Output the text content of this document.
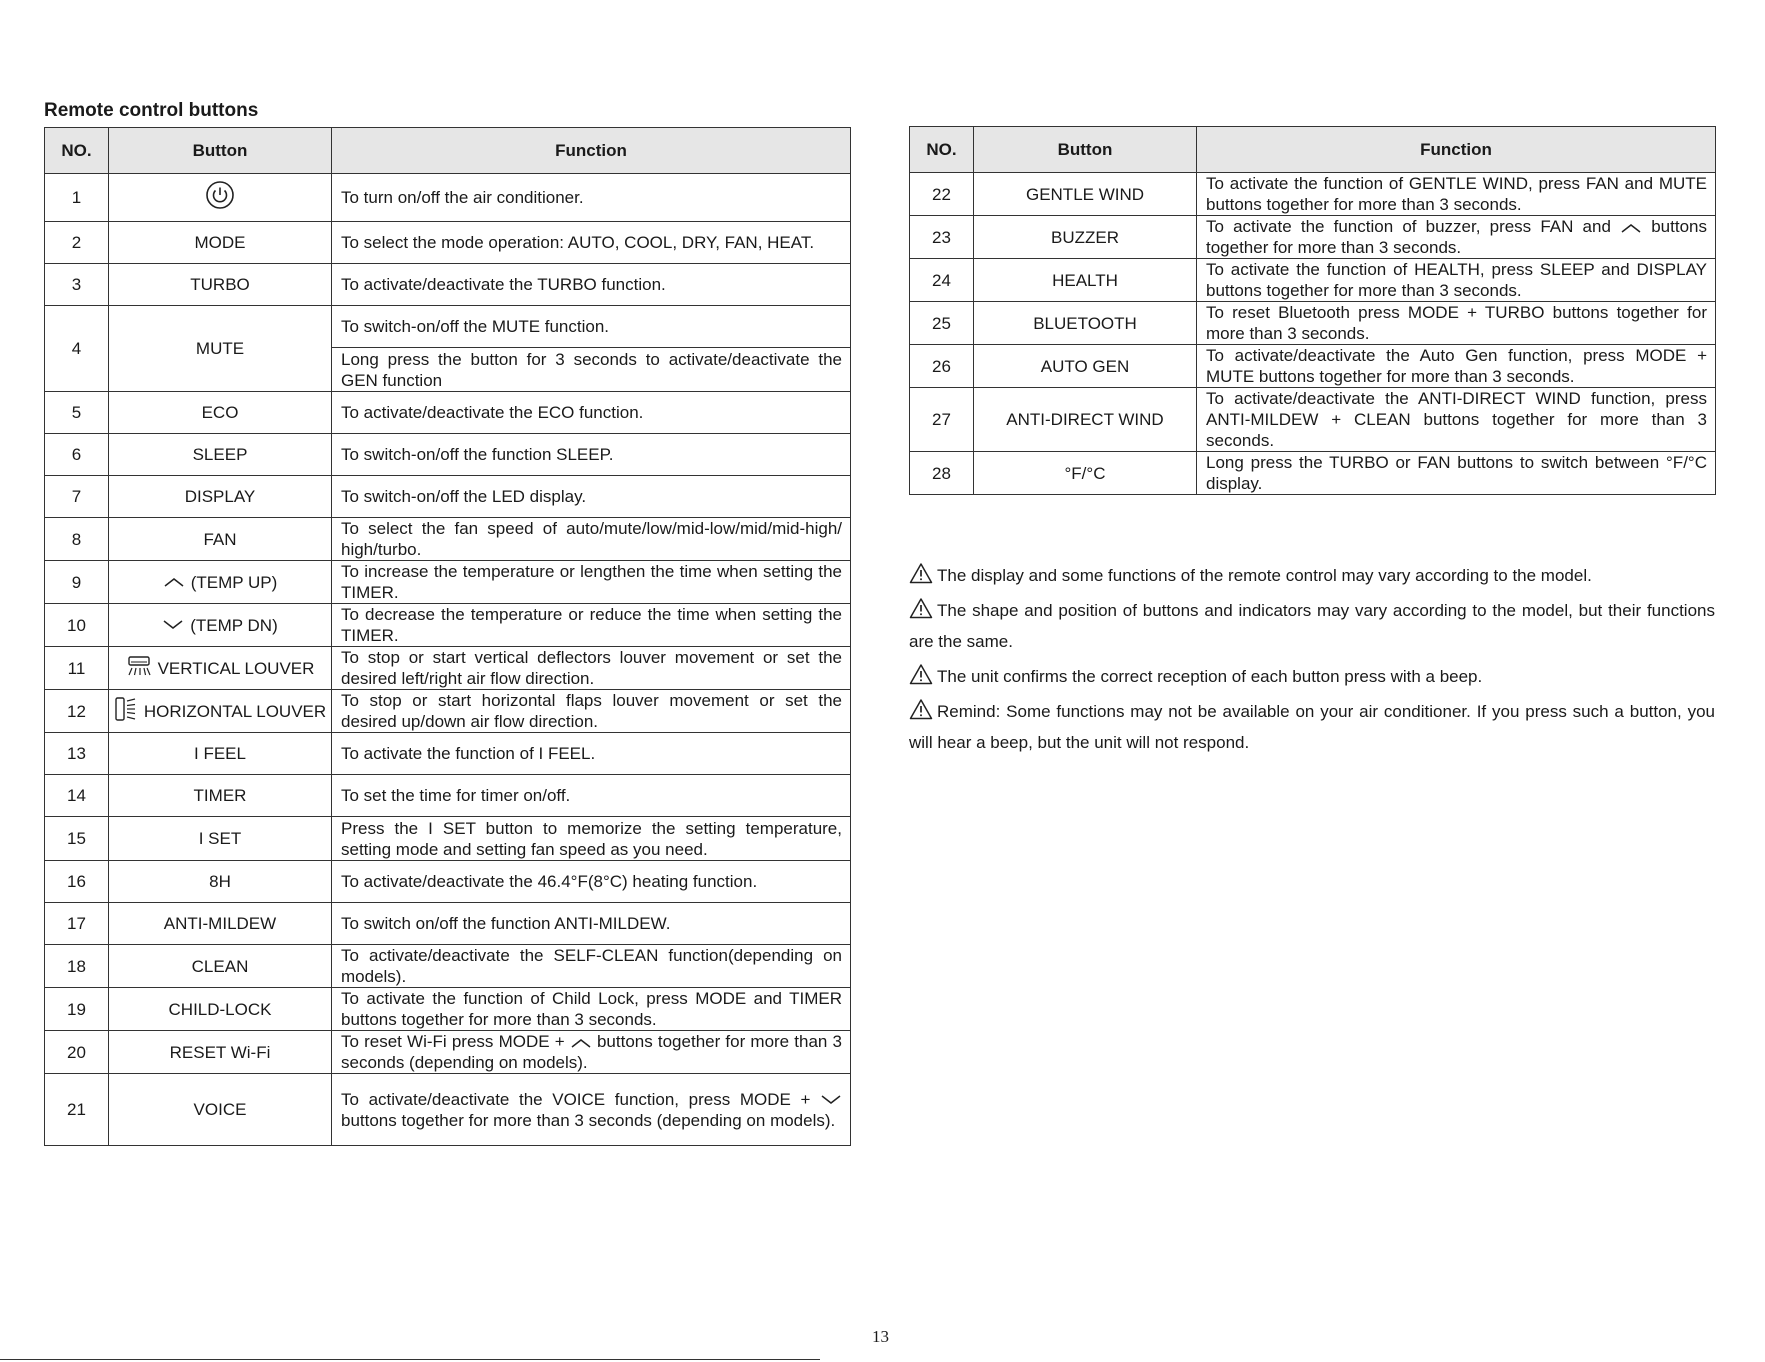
Remote control buttons
NO.	Button	Function
1		To turn on/off the air conditioner.
2	MODE	To select the mode operation: AUTO, COOL, DRY, FAN, HEAT.
3	TURBO	To activate/deactivate the TURBO function.
4	MUTE	To switch-on/off the MUTE function.
		Long press the button for 3 seconds to activate/deactivate the GEN function
5	ECO	To activate/deactivate the ECO function.
6	SLEEP	To switch-on/off the function SLEEP.
7	DISPLAY	To switch-on/off the LED display.
8	FAN	To select the fan speed of auto/mute/low/mid-low/mid/mid-high/ high/turbo.
9	(TEMP UP)	To increase the temperature or lengthen the time when setting the TIMER.
10	(TEMP DN)	To decrease the temperature or reduce the time when setting the TIMER.
11	VERTICAL LOUVER	To stop or start vertical deflectors louver movement or set the desired left/right air flow direction.
12	HORIZONTAL LOUVER	To stop or start horizontal flaps louver movement or set the desired up/down air flow direction.
13	I FEEL	To activate the function of I FEEL.
14	TIMER	To set the time for timer on/off.
15	I SET	Press the I SET button to memorize the setting temperature, setting mode and setting fan speed as you need.
16	8H	To activate/deactivate the 46.4°F(8°C) heating function.
17	ANTI-MILDEW	To switch on/off the function ANTI-MILDEW.
18	CLEAN	To activate/deactivate the SELF-CLEAN function(depending on models).
19	CHILD-LOCK	To activate the function of Child Lock, press MODE and TIMER buttons together for more than 3 seconds.
20	RESET Wi-Fi	To reset Wi-Fi press MODE +  buttons together for more than 3 seconds (depending on models).
21	VOICE	To activate/deactivate the VOICE function, press MODE +  buttons together for more than 3 seconds (depending on models).
NO.	Button	Function
22	GENTLE WIND	To activate the function of GENTLE WIND, press FAN and MUTE buttons together for more than 3 seconds.
23	BUZZER	To activate the function of buzzer, press FAN and  buttons together for more than 3 seconds.
24	HEALTH	To activate the function of HEALTH, press SLEEP and DISPLAY buttons together for more than 3 seconds.
25	BLUETOOTH	To reset Bluetooth press MODE + TURBO buttons together for more than 3 seconds.
26	AUTO GEN	To activate/deactivate the Auto Gen function, press MODE + MUTE buttons together for more than 3 seconds.
27	ANTI-DIRECT WIND	To activate/deactivate the ANTI-DIRECT WIND function, press ANTI-MILDEW + CLEAN buttons together for more than 3 seconds.
28	°F/°C	Long press the TURBO or FAN buttons to switch between °F/°C display.
The display and some functions of the remote control may vary according to the model.
The shape and position of buttons and indicators may vary according to the model, but their functions are the same.
The unit confirms the correct reception of each button press with a beep.
Remind: Some functions may not be available on your air conditioner. If you press such a button, you will hear a beep, but the unit will not respond.
13
